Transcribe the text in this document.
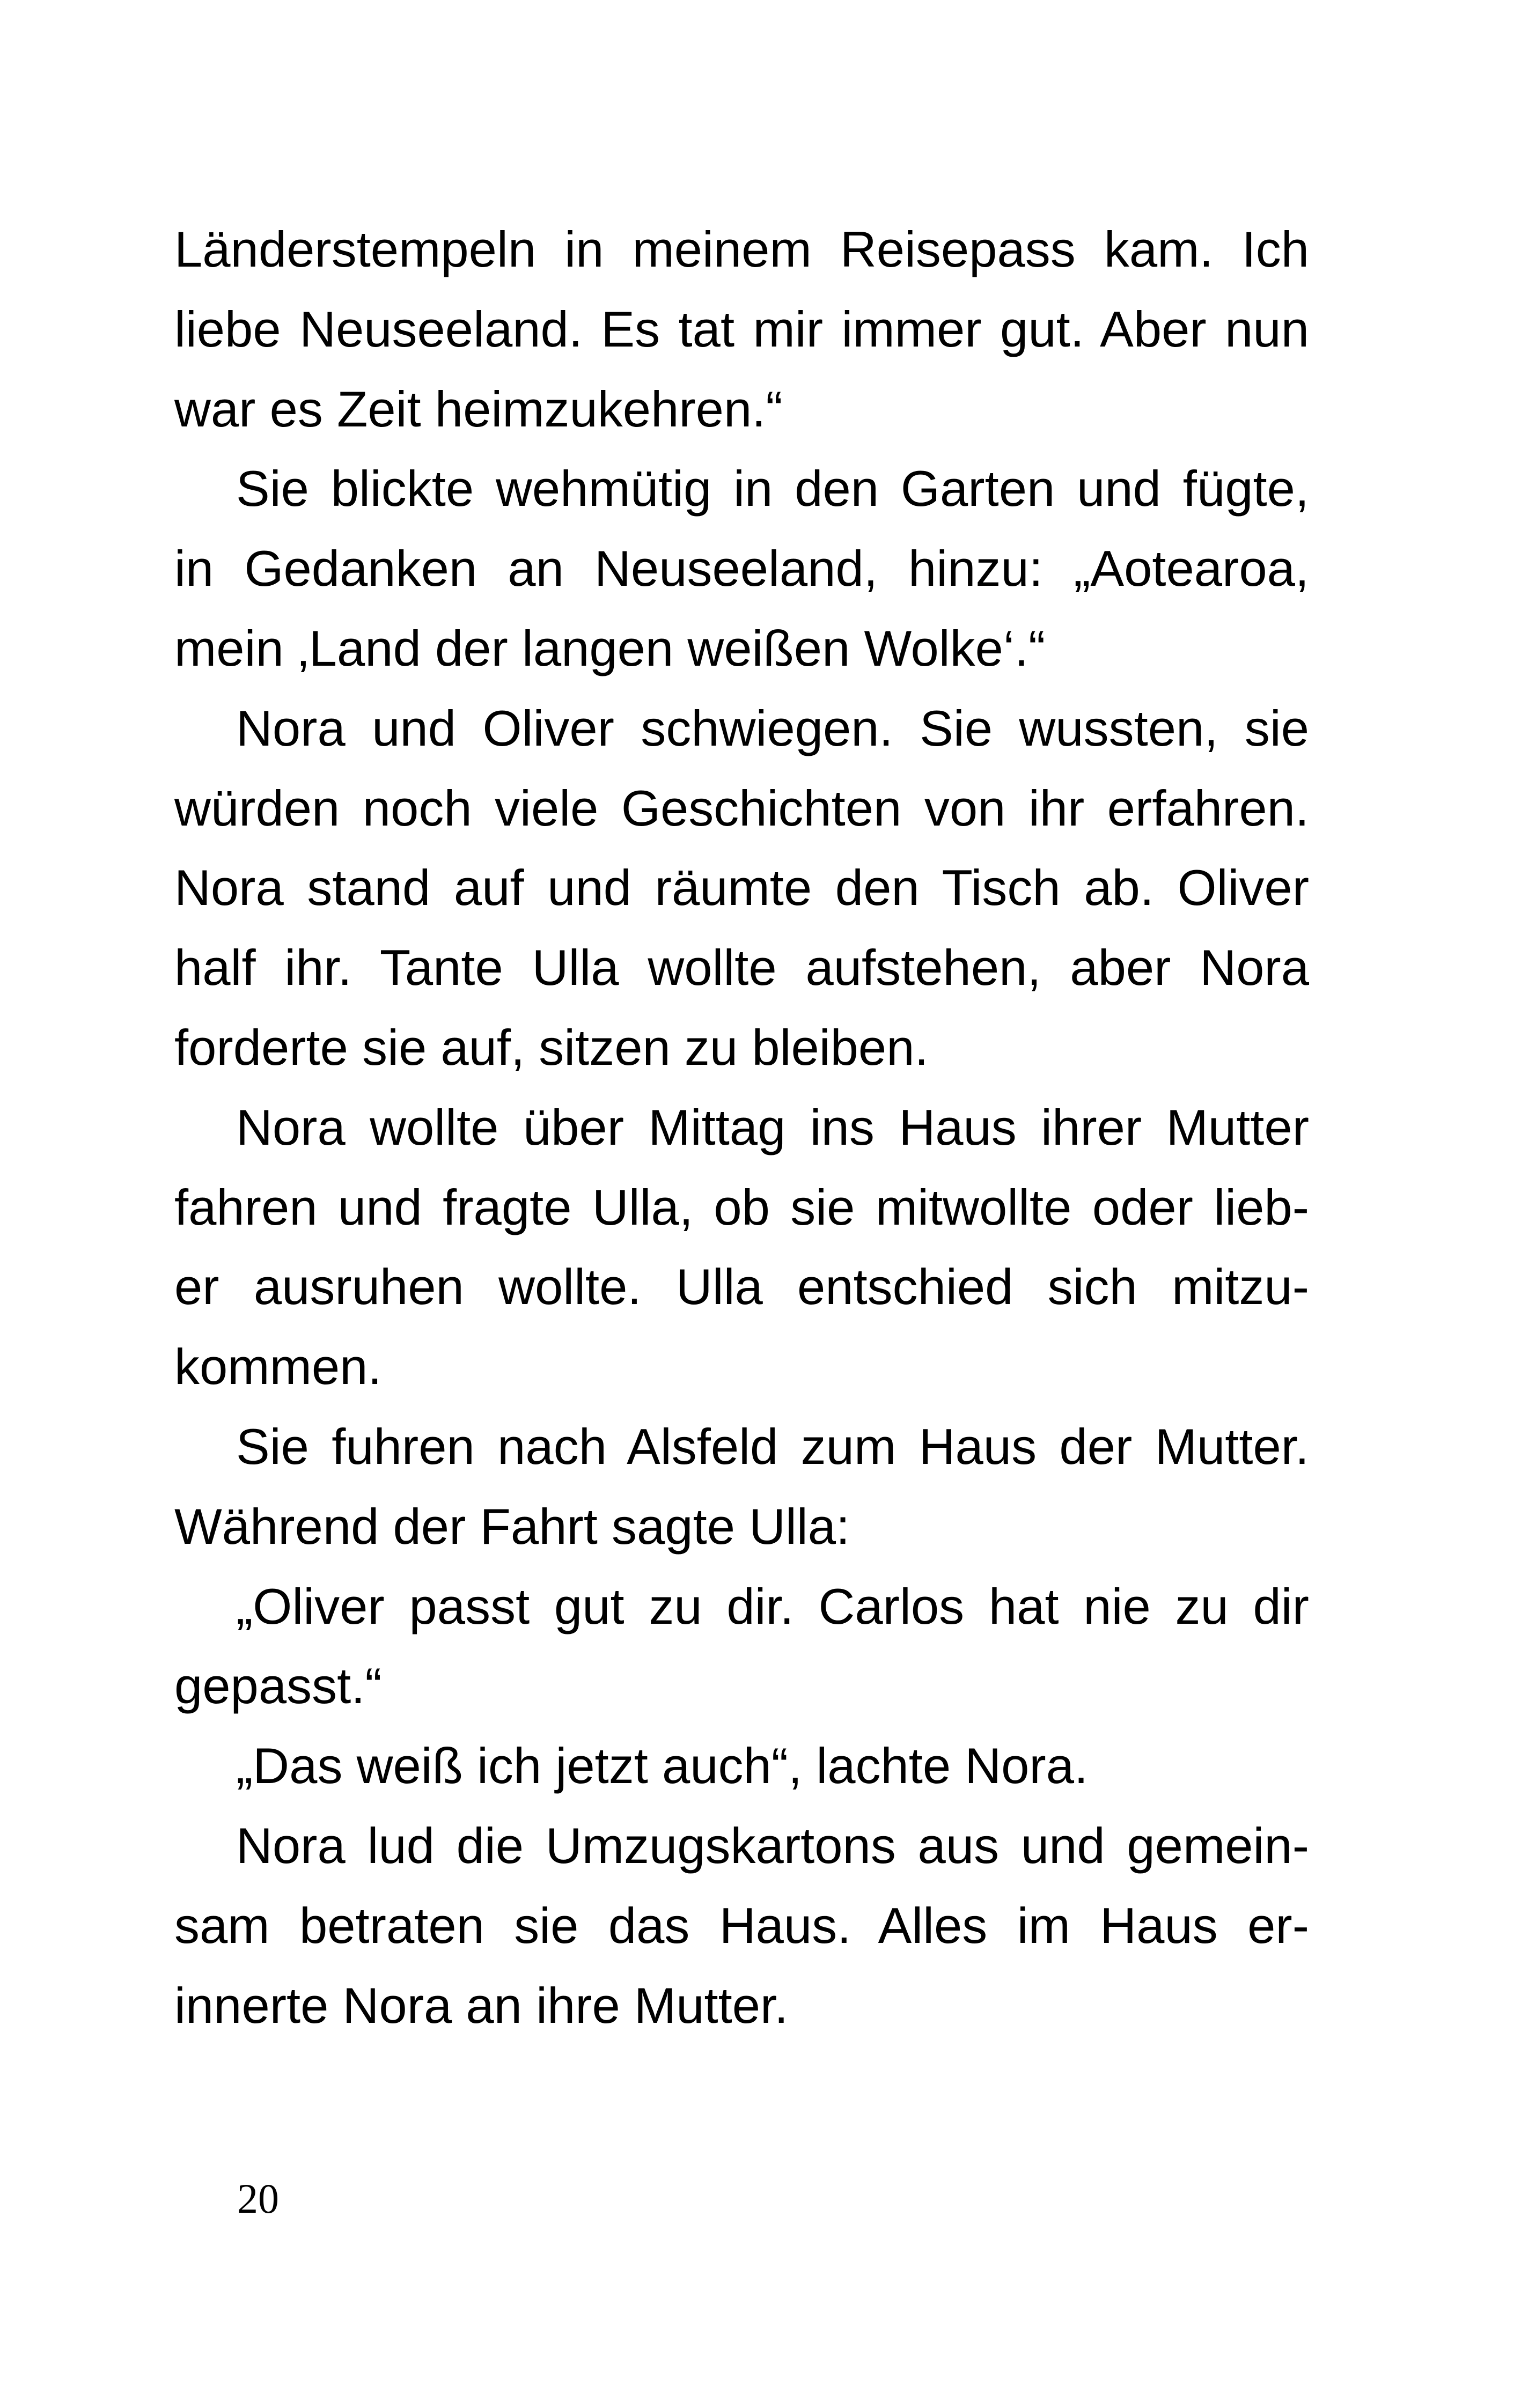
Länderstempeln in meinem Reisepass kam. Ich
liebe Neuseeland. Es tat mir immer gut. Aber nun
war es Zeit heimzukehren.“
Sie blickte wehmütig in den Garten und fügte,
in Gedanken an Neuseeland, hinzu: „Aotearoa,
mein ‚Land der langen weißen Wolke‘.“
Nora und Oliver schwiegen. Sie wussten, sie
würden noch viele Geschichten von ihr erfahren.
Nora stand auf und räumte den Tisch ab. Oliver
half ihr. Tante Ulla wollte aufstehen, aber Nora
forderte sie auf, sitzen zu bleiben.
Nora wollte über Mittag ins Haus ihrer Mutter
fahren und fragte Ulla, ob sie mitwollte oder lieb-
er ausruhen wollte. Ulla entschied sich mitzu-
kommen.
Sie fuhren nach Alsfeld zum Haus der Mutter.
Während der Fahrt sagte Ulla:
„Oliver passt gut zu dir. Carlos hat nie zu dir
gepasst.“
„Das weiß ich jetzt auch“, lachte Nora.
Nora lud die Umzugskartons aus und gemein-
sam betraten sie das Haus. Alles im Haus er-
innerte Nora an ihre Mutter.
20
